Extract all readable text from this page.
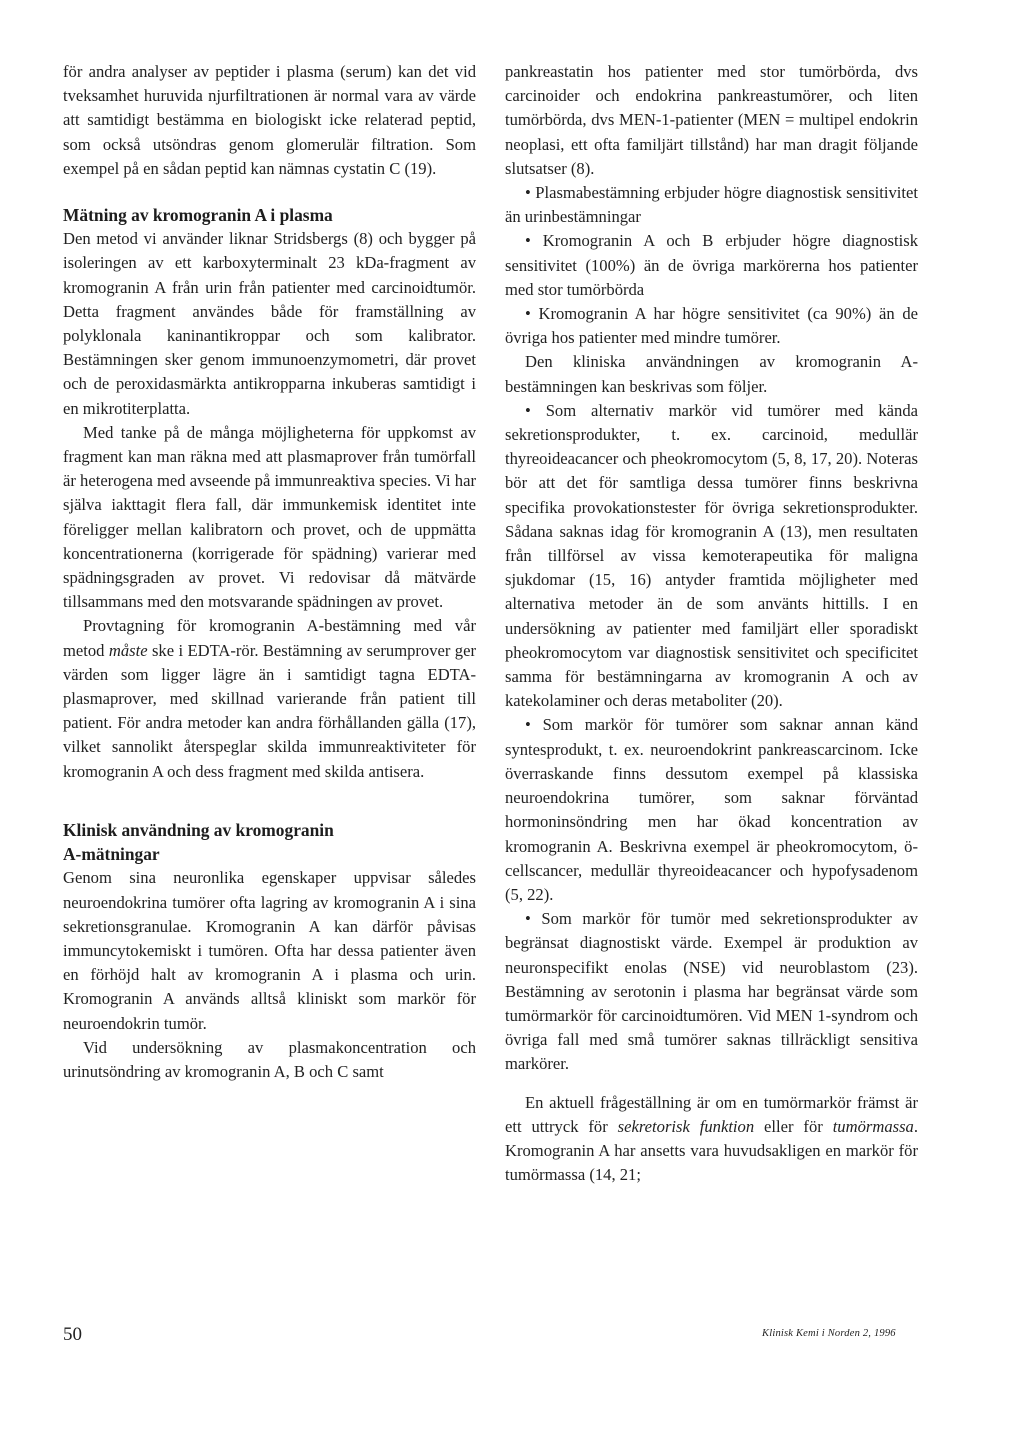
för andra analyser av peptider i plasma (serum) kan det vid tveksamhet huruvida njurfiltrationen är normal vara av värde att samtidigt bestämma en biologiskt icke relaterad peptid, som också utsöndras genom glomerulär filtration. Som exempel på en sådan peptid kan nämnas cystatin C (19).

Mätning av kromogranin A i plasma

Den metod vi använder liknar Stridsbergs (8) och bygger på isoleringen av ett karboxyterminalt 23 kDa-fragment av kromogranin A från urin från patienter med carcinoidtumör. Detta fragment användes både för framställning av polyklonala kaninantikroppar och som kalibrator. Bestämningen sker genom immunoenzymometri, där provet och de peroxidasmärkta antikropparna inkuberas samtidigt i en mikrotiterplatta.

Med tanke på de många möjligheterna för uppkomst av fragment kan man räkna med att plasmaprover från tumörfall är heterogena med avseende på immunreaktiva species. Vi har själva iakttagit flera fall, där immunkemisk identitet inte föreligger mellan kalibratorn och provet, och de uppmätta koncentrationerna (korrigerade för spädning) varierar med spädningsgraden av provet. Vi redovisar då mätvärde tillsammans med den motsvarande spädningen av provet.

Provtagning för kromogranin A-bestämning med vår metod måste ske i EDTA-rör. Bestämning av serumprover ger värden som ligger lägre än i samtidigt tagna EDTA-plasmaprover, med skillnad varierande från patient till patient. För andra metoder kan andra förhållanden gälla (17), vilket sannolikt återspeglar skilda immunreaktiviteter för kromogranin A och dess fragment med skilda antisera.

Klinisk användning av kromogranin
A-mätningar

Genom sina neuronlika egenskaper uppvisar således neuroendokrina tumörer ofta lagring av kromogranin A i sina sekretionsgranulae. Kromogranin A kan därför påvisas immuncytokemiskt i tumören. Ofta har dessa patienter även en förhöjd halt av kromogranin A i plasma och urin. Kromogranin A används alltså kliniskt som markör för neuroendokrin tumör.

Vid undersökning av plasmakoncentration och urinutsöndring av kromogranin A, B och C samt

pankreastatin hos patienter med stor tumörbörda, dvs carcinoider och endokrina pankreastumörer, och liten tumörbörda, dvs MEN-1-patienter (MEN = multipel endokrin neoplasi, ett ofta familjärt tillstånd) har man dragit följande slutsatser (8).

• Plasmabestämning erbjuder högre diagnostisk sensitivitet än urinbestämningar

• Kromogranin A och B erbjuder högre diagnostisk sensitivitet (100%) än de övriga markörerna hos patienter med stor tumörbörda

• Kromogranin A har högre sensitivitet (ca 90%) än de övriga hos patienter med mindre tumörer.

Den kliniska användningen av kromogranin A-bestämningen kan beskrivas som följer.

• Som alternativ markör vid tumörer med kända sekretionsprodukter, t. ex. carcinoid, medullär thyreoideacancer och pheokromocytom (5, 8, 17, 20). Noteras bör att det för samtliga dessa tumörer finns beskrivna specifika provokationstester för övriga sekretionsprodukter. Sådana saknas idag för kromogranin A (13), men resultaten från tillförsel av vissa kemoterapeutika för maligna sjukdomar (15, 16) antyder framtida möjligheter med alternativa metoder än de som använts hittills. I en undersökning av patienter med familjärt eller sporadiskt pheokromocytom var diagnostisk sensitivitet och specificitet samma för bestämningarna av kromogranin A och av katekolaminer och deras metaboliter (20).

• Som markör för tumörer som saknar annan känd syntesprodukt, t. ex. neuroendokrint pankreascarcinom. Icke överraskande finns dessutom exempel på klassiska neuroendokrina tumörer, som saknar förväntad hormoninsöndring men har ökad koncentration av kromogranin A. Beskrivna exempel är pheokromocytom, ö-cellscancer, medullär thyreoideacancer och hypofysadenom (5, 22).

• Som markör för tumör med sekretionsprodukter av begränsat diagnostiskt värde. Exempel är produktion av neuronspecifikt enolas (NSE) vid neuroblastom (23). Bestämning av serotonin i plasma har begränsat värde som tumörmarkör för carcinoidtumören. Vid MEN 1-syndrom och övriga fall med små tumörer saknas tillräckligt sensitiva markörer.

En aktuell frågeställning är om en tumörmarkör främst är ett uttryck för sekretorisk funktion eller för tumörmassa. Kromogranin A har ansetts vara huvudsakligen en markör för tumörmassa (14, 21;

50	Klinisk Kemi i Norden 2, 1996
